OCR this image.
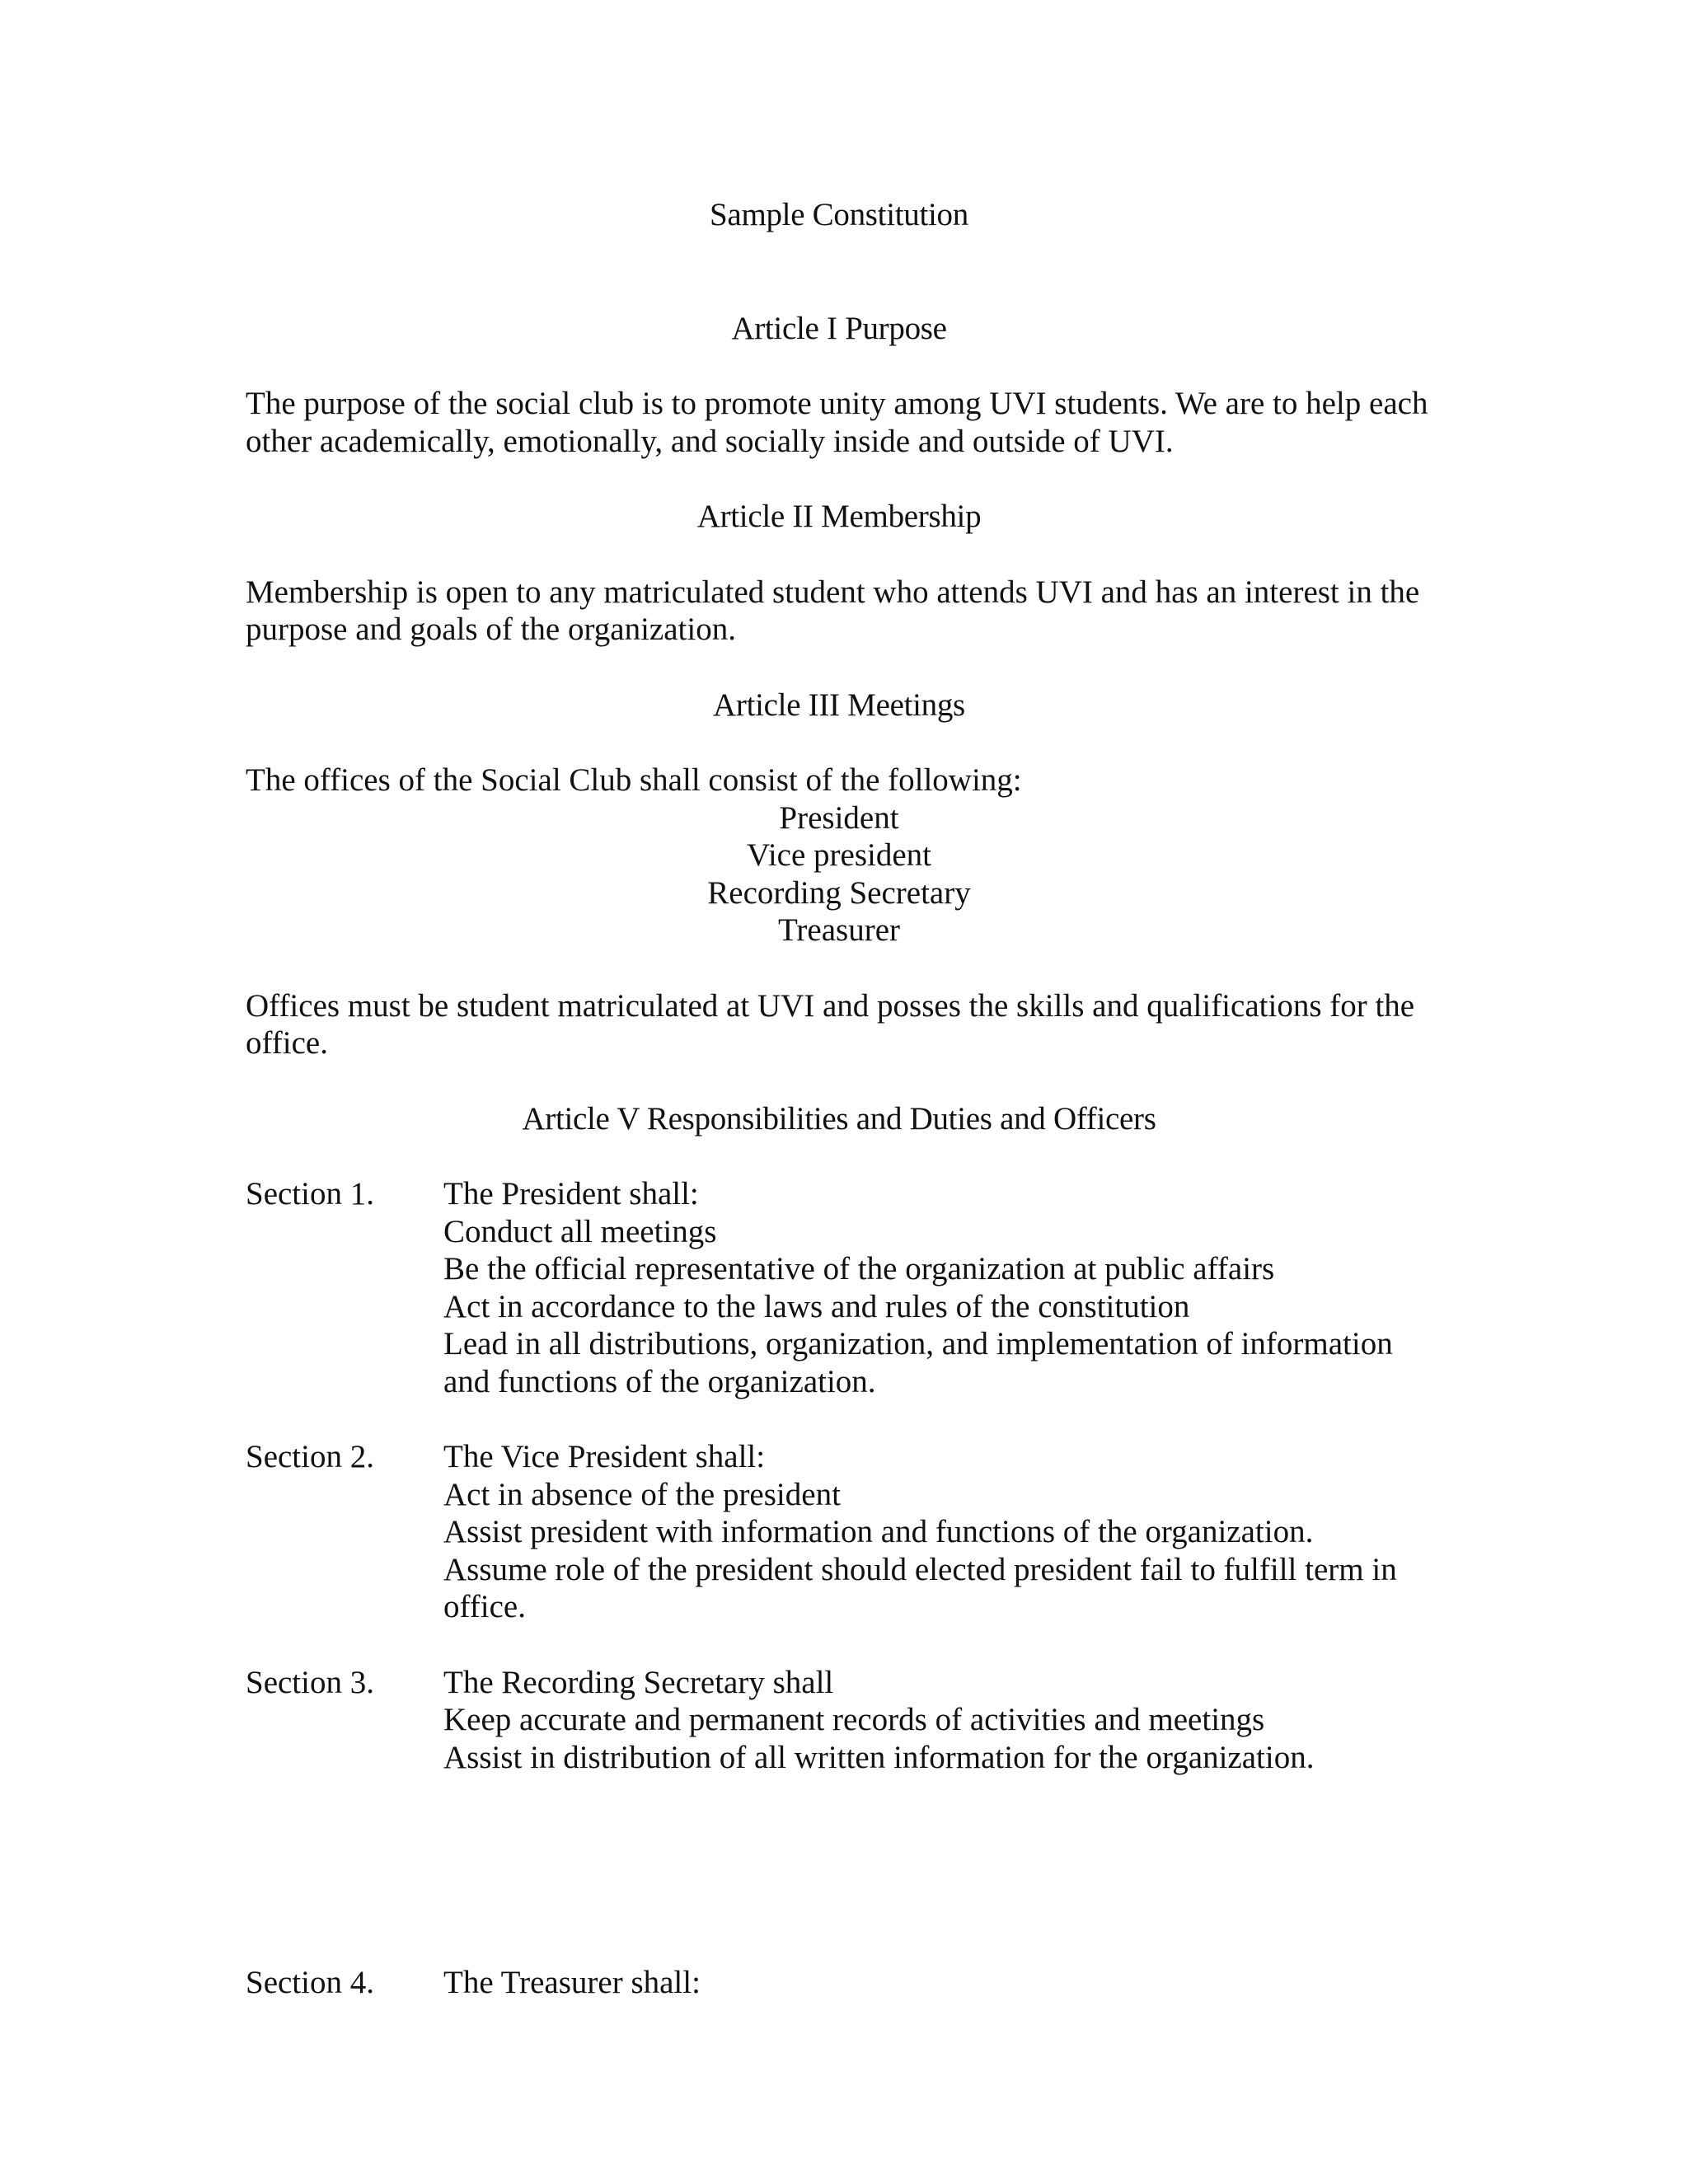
Sample Constitution
Article I Purpose

The purpose of the social club is to promote unity among UVI students. We are to help each other academically, emotionally, and socially inside and outside of UVI.

Article II Membership

Membership is open to any matriculated student who attends UVI and has an interest in the purpose and goals of the organization.

Article III Meetings
The offices of the Social Club shall consist of the following:
President
Vice president
Recording Secretary
Treasurer

Offices must be student matriculated at UVI and posses the skills and qualifications for the office.

Article V Responsibilities and Duties and Officers
Section 1.	The President shall:
Conduct all meetings
Be the official representative of the organization at public affairs
Act in accordance to the laws and rules of the constitution
Lead in all distributions, organization, and implementation of information and functions of the organization.
Section 2.	The Vice President shall:
Act in absence of the president
Assist president with information and functions of the organization.
Assume role of the president should elected president fail to fulfill term in office.
Section 3.	The Recording Secretary shall
Keep accurate and permanent records of activities and meetings
Assist in distribution of all written information for the organization.
Section 4.	The Treasurer shall:
